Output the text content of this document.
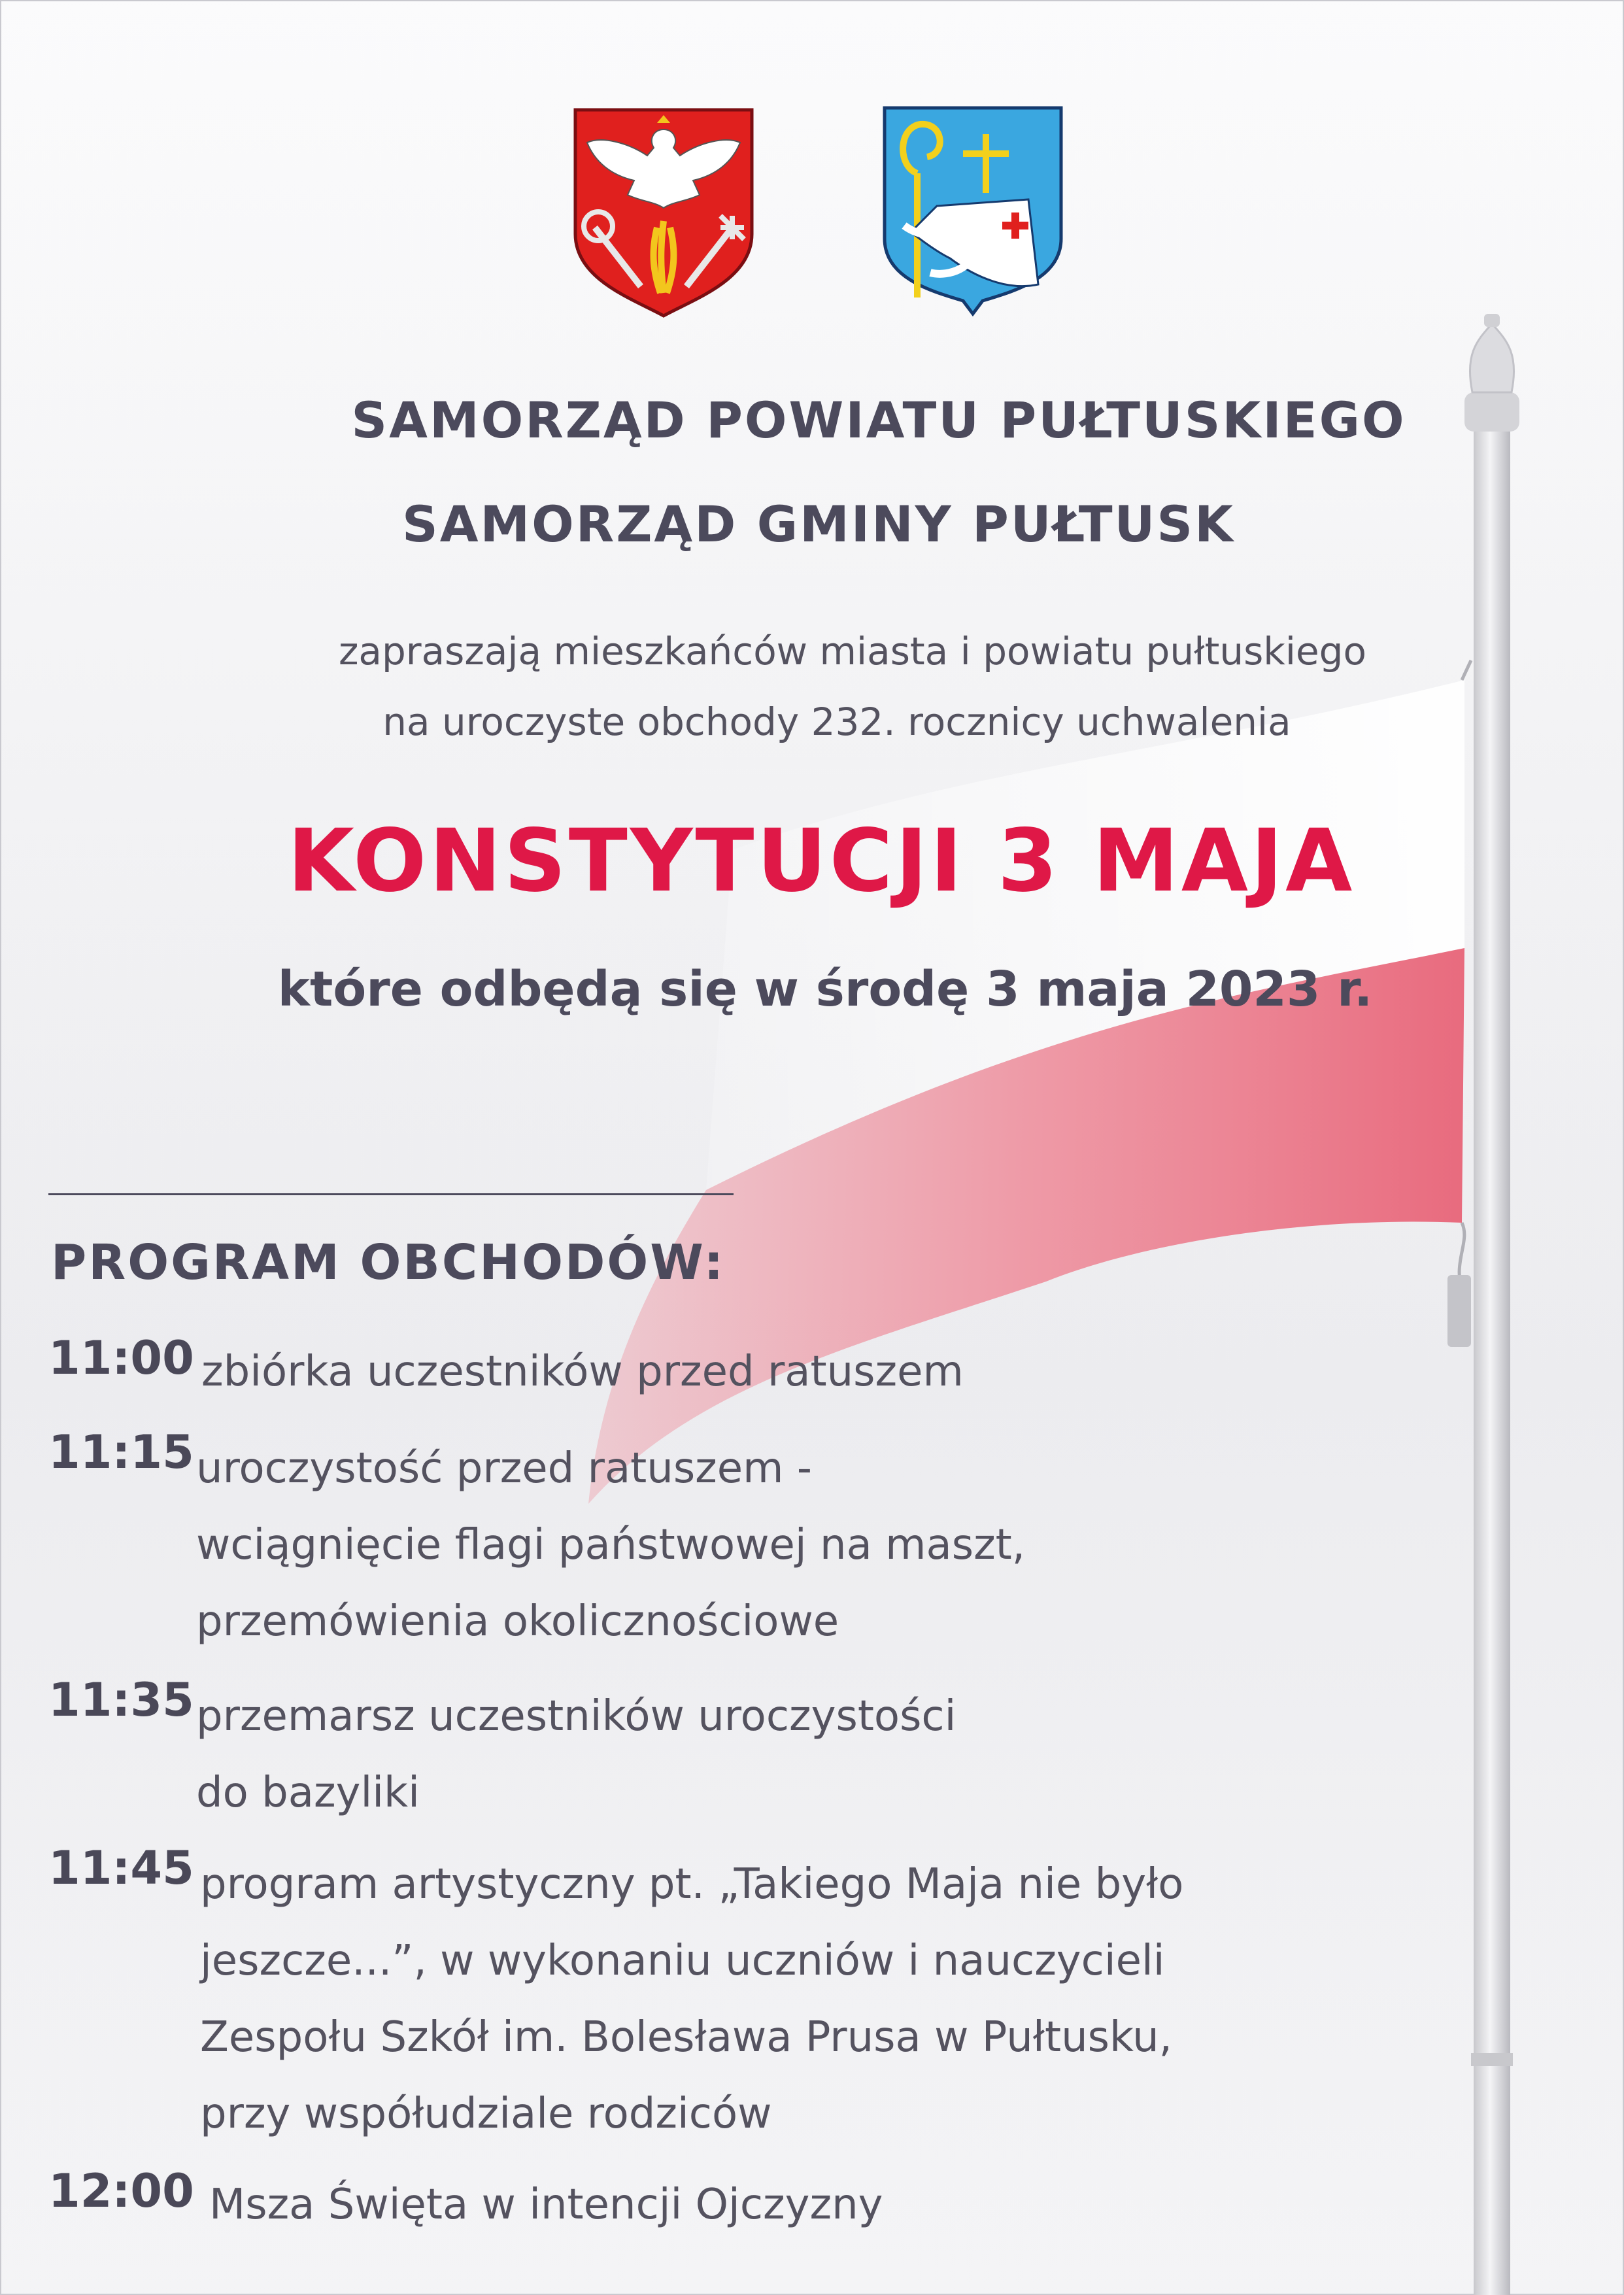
SAMORZĄD POWIATU PUŁTUSKIEGO
SAMORZĄD GMINY PUŁTUSK
zapraszają mieszkańców miasta i powiatu pułtuskiego
na uroczyste obchody 232. rocznicy uchwalenia
KONSTYTUCJI 3 MAJA
które odbędą się w środę 3 maja 2023 r.
PROGRAM OBCHODÓW:
11:00 zbiórka uczestników przed ratuszem
11:15 uroczystość przed ratuszem -
wciągnięcie flagi państwowej na maszt,
przemówienia okolicznościowe
11:35 przemarsz uczestników uroczystości
do bazyliki
11:45 program artystyczny pt. „Takiego Maja nie było
jeszcze...”, w wykonaniu uczniów i nauczycieli
Zespołu Szkół im. Bolesława Prusa w Pułtusku,
przy współudziale rodziców
12:00 Msza Święta w intencji Ojczyzny
